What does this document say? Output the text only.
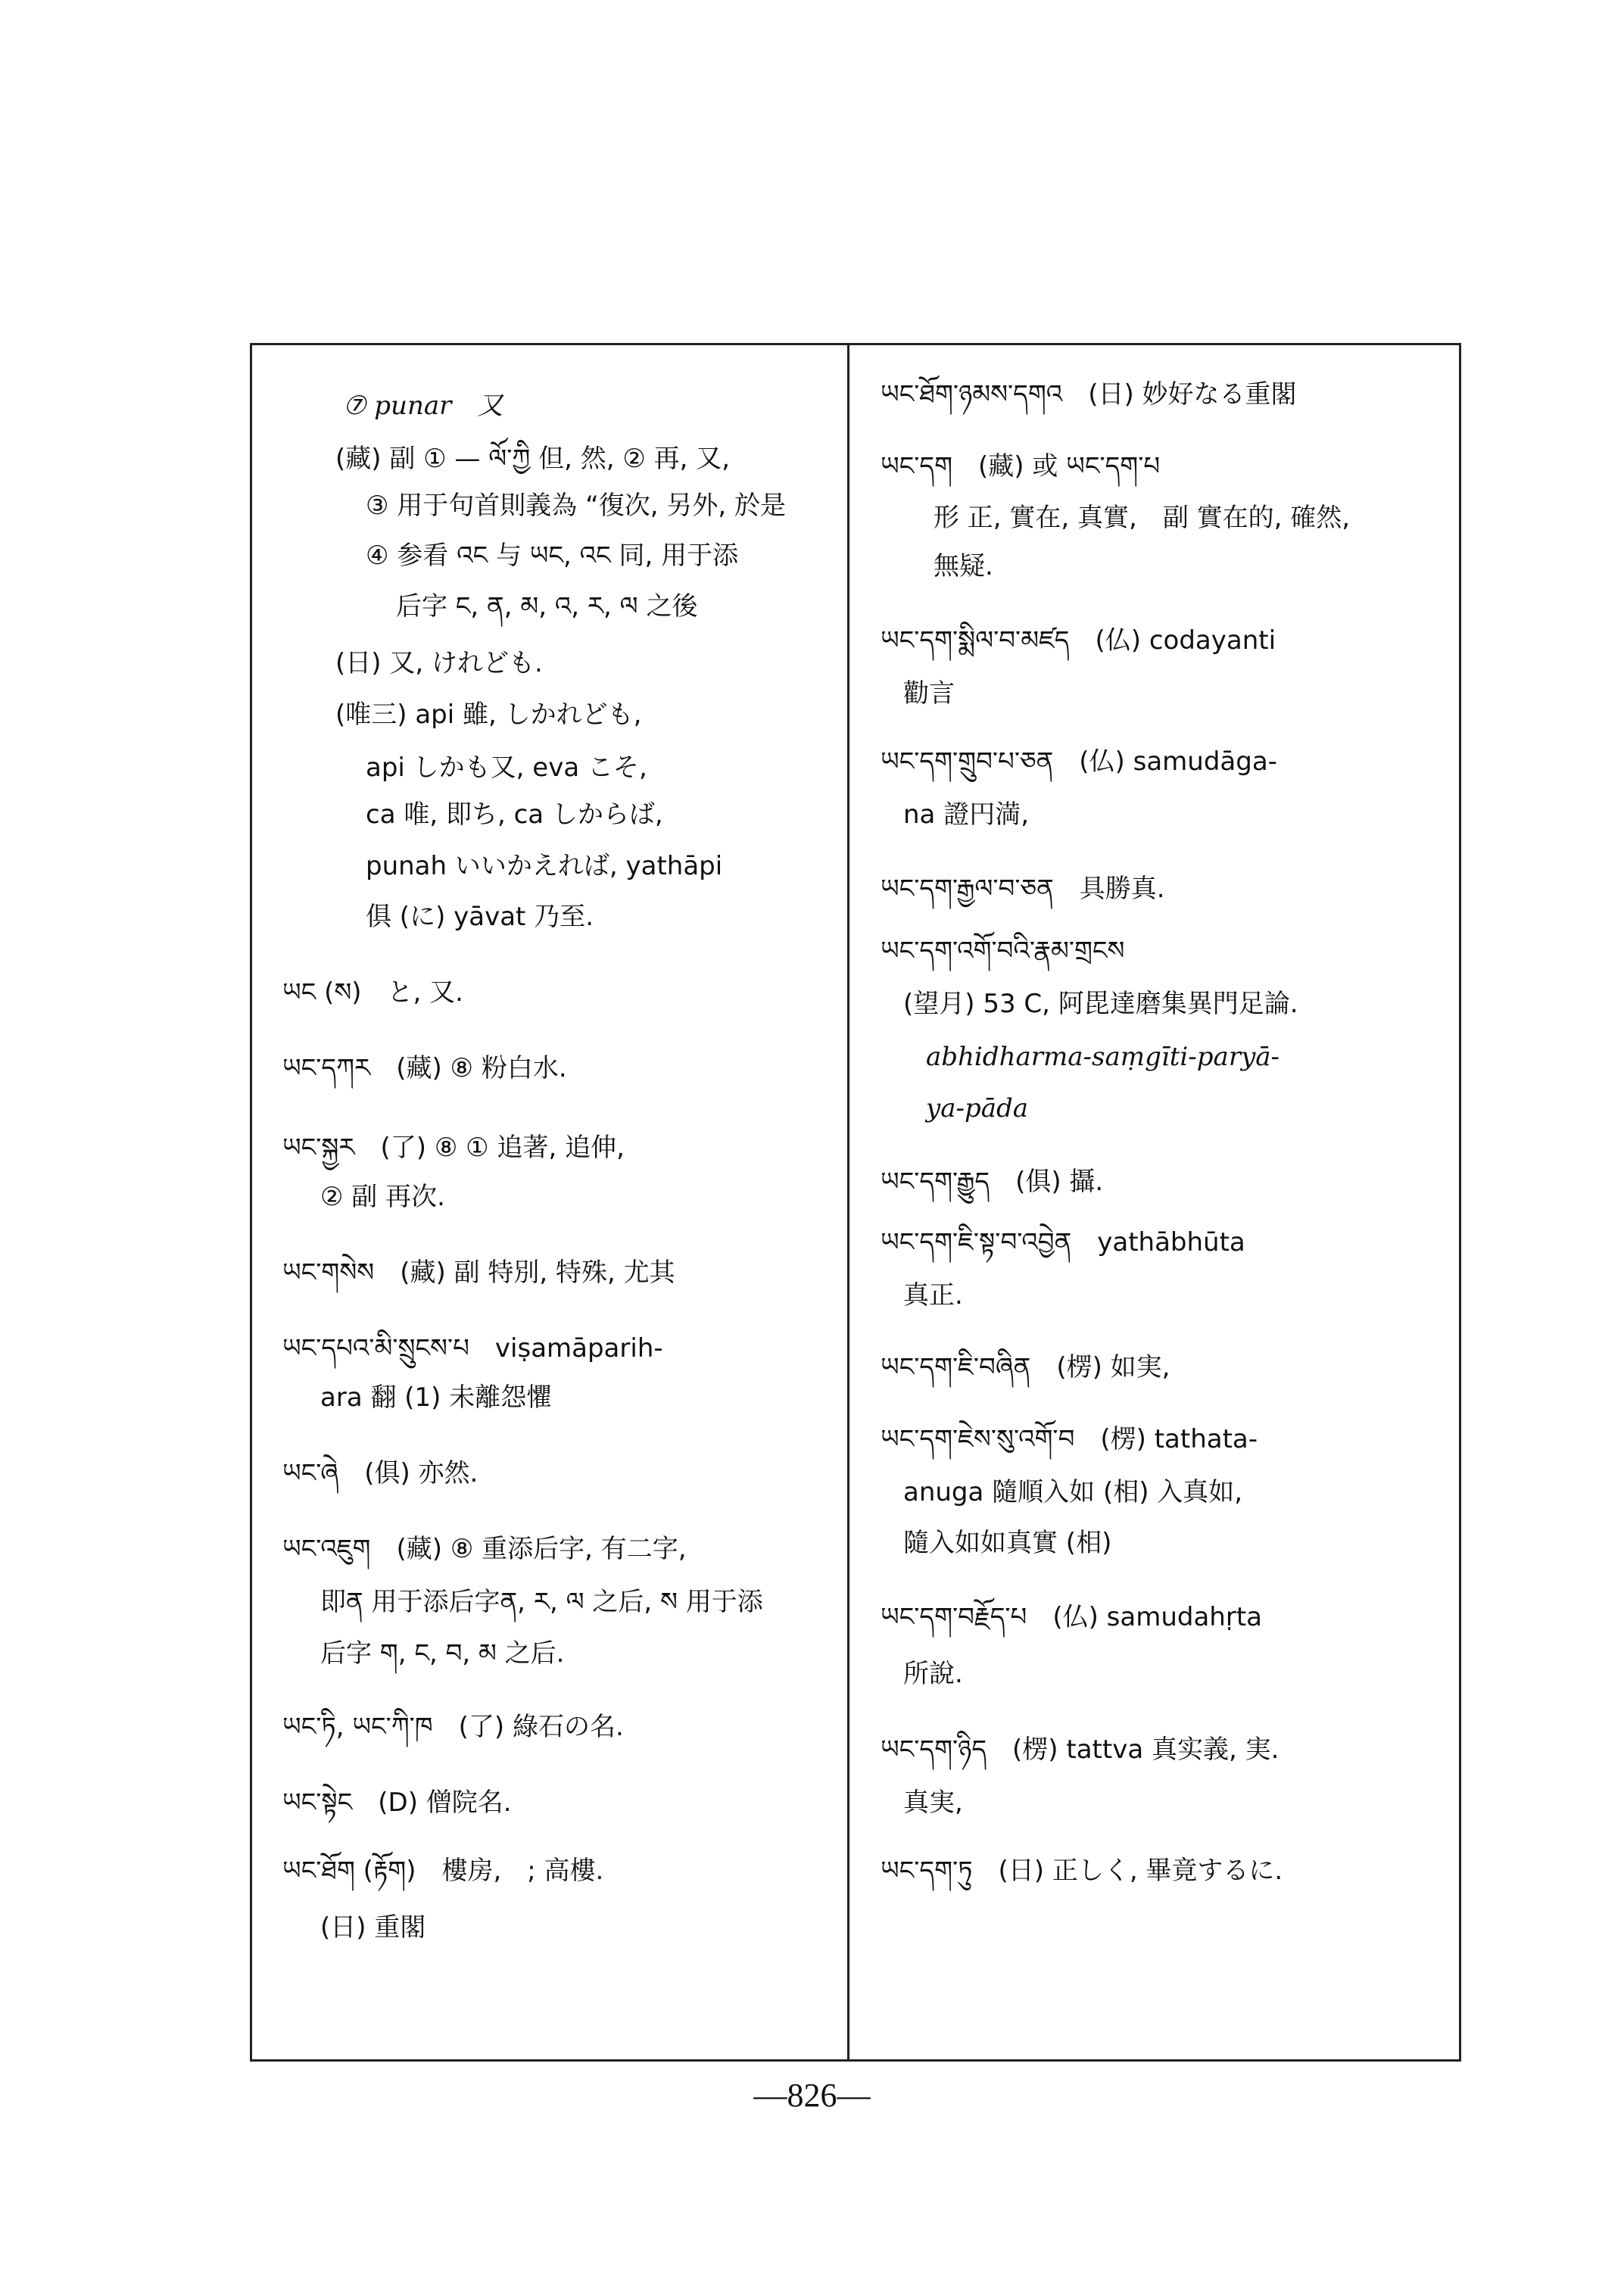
⑦ punar　又
(藏) 副 ① — ལོ་ཀྱི 但, 然, ② 再, 又,
③ 用于句首則義為 “復次, 另外, 於是
④ 参看 འང 与 ཡང, འང 同, 用于添
后字 ང, ན, མ, འ, ར, ལ 之後
(日) 又, けれども.
(唯三) api 雖, しかれども,
api しかも又, eva こそ,
ca 唯, 即ち, ca しからば,
punah いいかえれば, yathāpi
俱 (に) yāvat 乃至.
ཡང (ས)　と, 又.
ཡང་དཀར　(藏) ⑧ 粉白水.
ཡང་སྐྱར　(了) ⑧ ① 追著, 追伸,
② 副 再次.
ཡང་གསེས　(藏) 副 特別, 特殊, 尤其
ཡང་དཔའ་མི་སྲུངས་པ　viṣamāparih-
ara 翻 (1) 未離怨懼
ཡང་ཞེ　(俱) 亦然.
ཡང་འཇུག　(藏) ⑧ 重添后字, 有二字,
即ན 用于添后字ན, ར, ལ 之后, ས 用于添
后字 ག, ང, བ, མ 之后.
ཡང་ཏི, ཡང་ཀི་ཁ　(了) 綠石の名.
ཡང་སྟེང　(D) 僧院名.
ཡང་ཐོག (རྟོག)　樓房,　; 高樓.
(日) 重閣
ཡང་ཐོག་ཉམས་དགའ　(日) 妙好なる重閣
ཡང་དག　(藏) 或 ཡང་དག་པ
形 正, 實在, 真實,　副 實在的, 確然,
無疑.
ཡང་དག་སྨིལ་བ་མཛད　(仏) codayanti
勸言
ཡང་དག་གྲུབ་པ་ཅན　(仏) samudāga-
na 證円満,
ཡང་དག་རྒྱལ་བ་ཅན　具勝真.
ཡང་དག་འགོ་བའི་རྣམ་གྲངས
(望月) 53 C, 阿毘達磨集異門足論.
abhidharma-saṃgīti-paryā-
ya-pāda
ཡང་དག་རྒྱུད　(俱) 攝.
ཡང་དག་ཇི་སྟ་བ་འབྱེན　yathābhūta
真正.
ཡང་དག་ཇི་བཞིན　(楞) 如実,
ཡང་དག་ཇེས་སུ་འགོ་བ　(楞) tathata-
anuga 隨順入如 (相) 入真如,
隨入如如真實 (相)
ཡང་དག་བརྗོད་པ　(仏) samudahṛta
所說.
ཡང་དག་ཉིད　(楞) tattva 真实義, 実.
真実,
ཡང་དག་ཏུ　(日) 正しく, 畢竟するに.
—826—
